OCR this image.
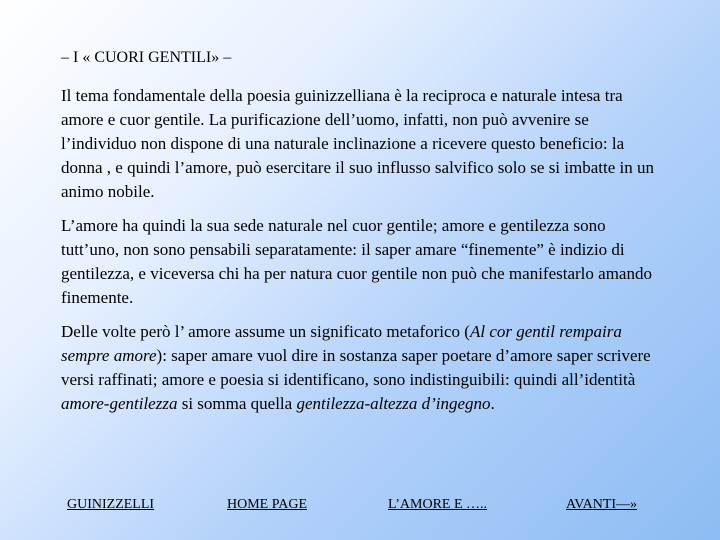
– I « CUORI GENTILI» –

Il tema fondamentale della poesia guinizzelliana è la reciproca e naturale intesa tra amore e cuor gentile. La purificazione dell’uomo, infatti, non può avvenire se l’individuo non dispone di una naturale inclinazione a ricevere questo beneficio: la donna , e quindi l’amore, può esercitare il suo influsso salvifico solo se si imbatte in un animo nobile.

L’amore ha quindi la sua sede naturale nel cuor gentile; amore e gentilezza sono tutt’uno, non sono pensabili separatamente: il saper amare “finemente” è indizio di gentilezza, e viceversa chi ha per natura cuor gentile non può che manifestarlo amando finemente.

Delle volte però l’ amore assume un significato metaforico (Al cor gentil rempaira sempre amore): saper amare vuol dire in sostanza saper poetare d’amore saper scrivere versi raffinati; amore e poesia si identificano, sono indistinguibili: quindi all’identità amore-gentilezza si somma quella gentilezza-altezza d’ingegno.

GUINIZZELLI	HOME PAGE	L’AMORE E …..	AVANTI—»
